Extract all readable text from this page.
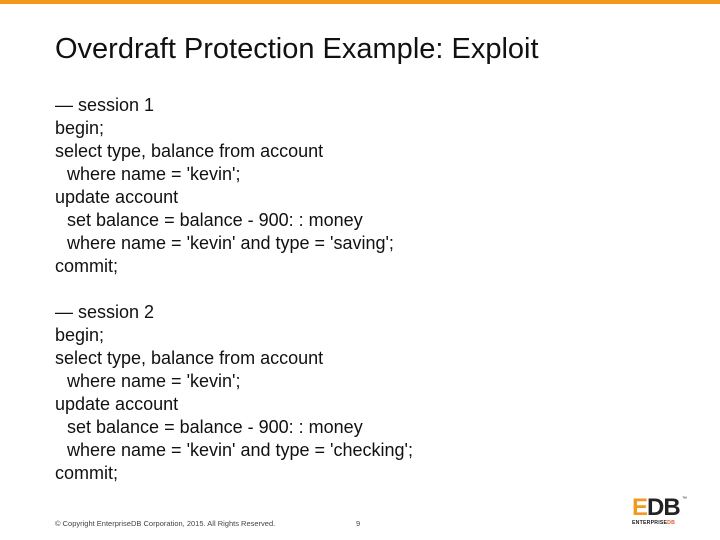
Overdraft Protection Example: Exploit
— session 1
begin;
select type, balance from account
where name = 'kevin';
update account
set balance = balance - 900: : money
where name = 'kevin' and type = 'saving';
commit;
— session 2
begin;
select type, balance from account
where name = 'kevin';
update account
set balance = balance - 900: : money
where name = 'kevin' and type = 'checking';
commit;
© Copyright EnterpriseDB Corporation, 2015. All Rights Reserved.	9
EDB
ENTERPRISEDB
™
